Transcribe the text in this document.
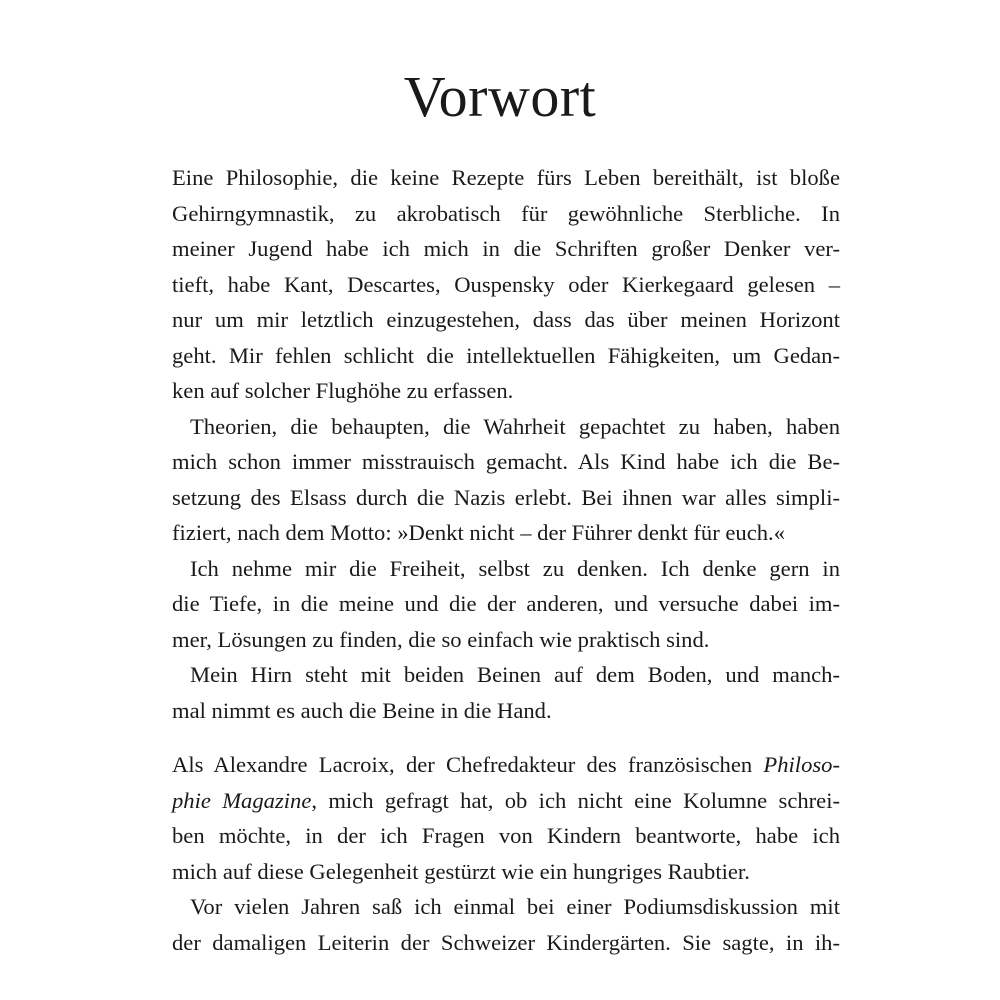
Vorwort
Eine Philosophie, die keine Rezepte fürs Leben bereithält, ist bloße
Gehirngymnastik, zu akrobatisch für gewöhnliche Sterbliche. In
meiner Jugend habe ich mich in die Schriften großer Denker ver-
tieft, habe Kant, Descartes, Ouspensky oder Kierkegaard gelesen –
nur um mir letztlich einzugestehen, dass das über meinen Horizont
geht. Mir fehlen schlicht die intellektuellen Fähigkeiten, um Gedan-
ken auf solcher Flughöhe zu erfassen.
Theorien, die behaupten, die Wahrheit gepachtet zu haben, haben
mich schon immer misstrauisch gemacht. Als Kind habe ich die Be-
setzung des Elsass durch die Nazis erlebt. Bei ihnen war alles simpli-
fiziert, nach dem Motto: »Denkt nicht – der Führer denkt für euch.«
Ich nehme mir die Freiheit, selbst zu denken. Ich denke gern in
die Tiefe, in die meine und die der anderen, und versuche dabei im-
mer, Lösungen zu finden, die so einfach wie praktisch sind.
Mein Hirn steht mit beiden Beinen auf dem Boden, und manch-
mal nimmt es auch die Beine in die Hand.
Als Alexandre Lacroix, der Chefredakteur des französischen Philoso-
phie Magazine, mich gefragt hat, ob ich nicht eine Kolumne schrei-
ben möchte, in der ich Fragen von Kindern beantworte, habe ich
mich auf diese Gelegenheit gestürzt wie ein hungriges Raubtier.
Vor vielen Jahren saß ich einmal bei einer Podiumsdiskussion mit
der damaligen Leiterin der Schweizer Kindergärten. Sie sagte, in ih-
